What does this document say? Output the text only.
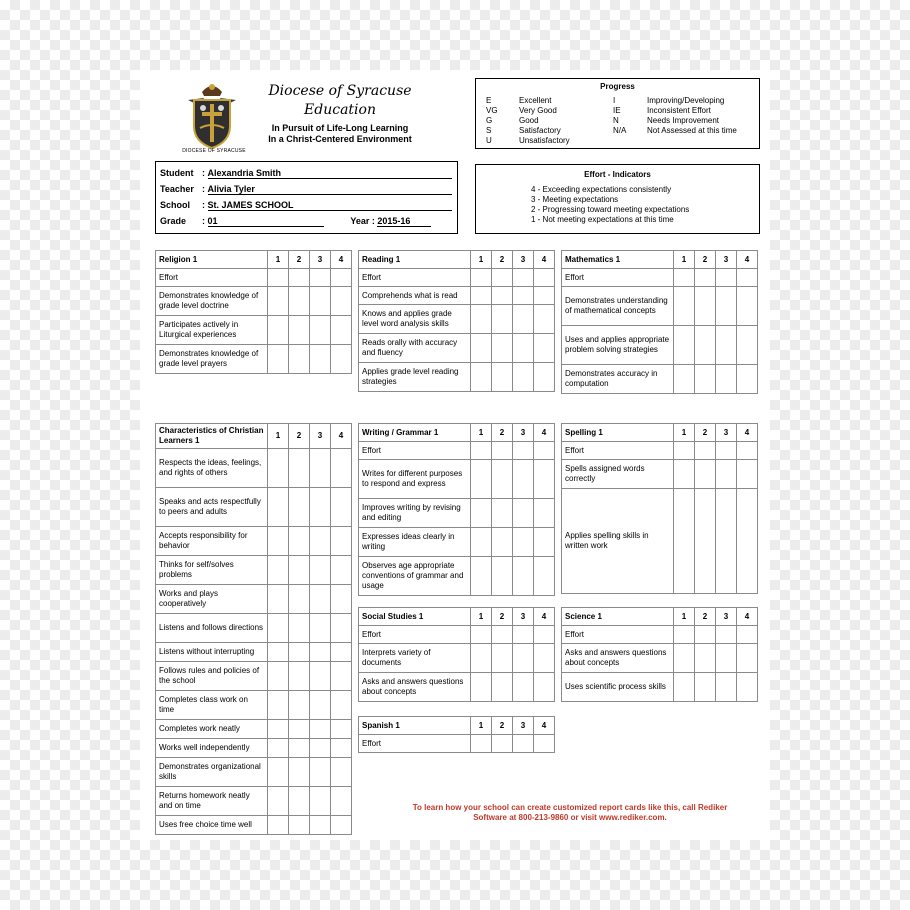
DIOCESE OF SYRACUSE
Diocese of Syracuse
Education
In Pursuit of Life-Long Learning
In a Christ-Centered Environment
Progress
E	Excellent
VG	Very Good
G	Good
S	Satisfactory
U	Unsatisfactory
I	Improving/Developing
IE	Inconsistent Effort
N	Needs Improvement
N/A	Not Assessed at this time
Student : Alexandria Smith
Teacher : Alivia Tyler
School : St. JAMES SCHOOL
Grade : 01	Year : 2015-16
Effort - Indicators
4 - Exceeding expectations consistently
3 - Meeting expectations
2 - Progressing toward meeting expectations
1 - Not meeting expectations at this time
Religion 1	1	2	3	4
Effort				
Demonstrates knowledge of grade level doctrine				
Participates actively in Liturgical experiences				
Demonstrates knowledge of grade level prayers				
Reading 1	1	2	3	4
Effort				
Comprehends what is read				
Knows and applies grade level word analysis skills				
Reads orally with accuracy and fluency				
Applies grade level reading strategies				
Mathematics 1	1	2	3	4
Effort				
Demonstrates understanding of mathematical concepts				
Uses and applies appropriate problem solving strategies				
Demonstrates accuracy in computation				
Characteristics of Christian Learners 1	1	2	3	4
Respects the ideas, feelings, and rights of others				
Speaks and acts respectfully to peers and adults				
Accepts responsibility for behavior				
Thinks for self/solves problems				
Works and plays cooperatively				
Listens and follows directions				
Listens without interrupting				
Follows rules and policies of the school				
Completes class work on time				
Completes work neatly				
Works well independently				
Demonstrates organizational skills				
Returns homework neatly and on time				
Uses free choice time well				
Writing / Grammar 1	1	2	3	4
Effort				
Writes for different purposes to respond and express				
Improves writing by revising and editing				
Expresses ideas clearly in writing				
Observes age appropriate conventions of grammar and usage				
Spelling 1	1	2	3	4
Effort				
Spells assigned words correctly				
Applies spelling skills in written work				
Social Studies 1	1	2	3	4
Effort				
Interprets variety of documents				
Asks and answers questions about concepts				
Science 1	1	2	3	4
Effort				
Asks and answers questions about concepts				
Uses scientific process skills				
Spanish 1	1	2	3	4
Effort				
To learn how your school can create customized report cards like this, call Rediker
Software at 800-213-9860 or visit www.rediker.com.
